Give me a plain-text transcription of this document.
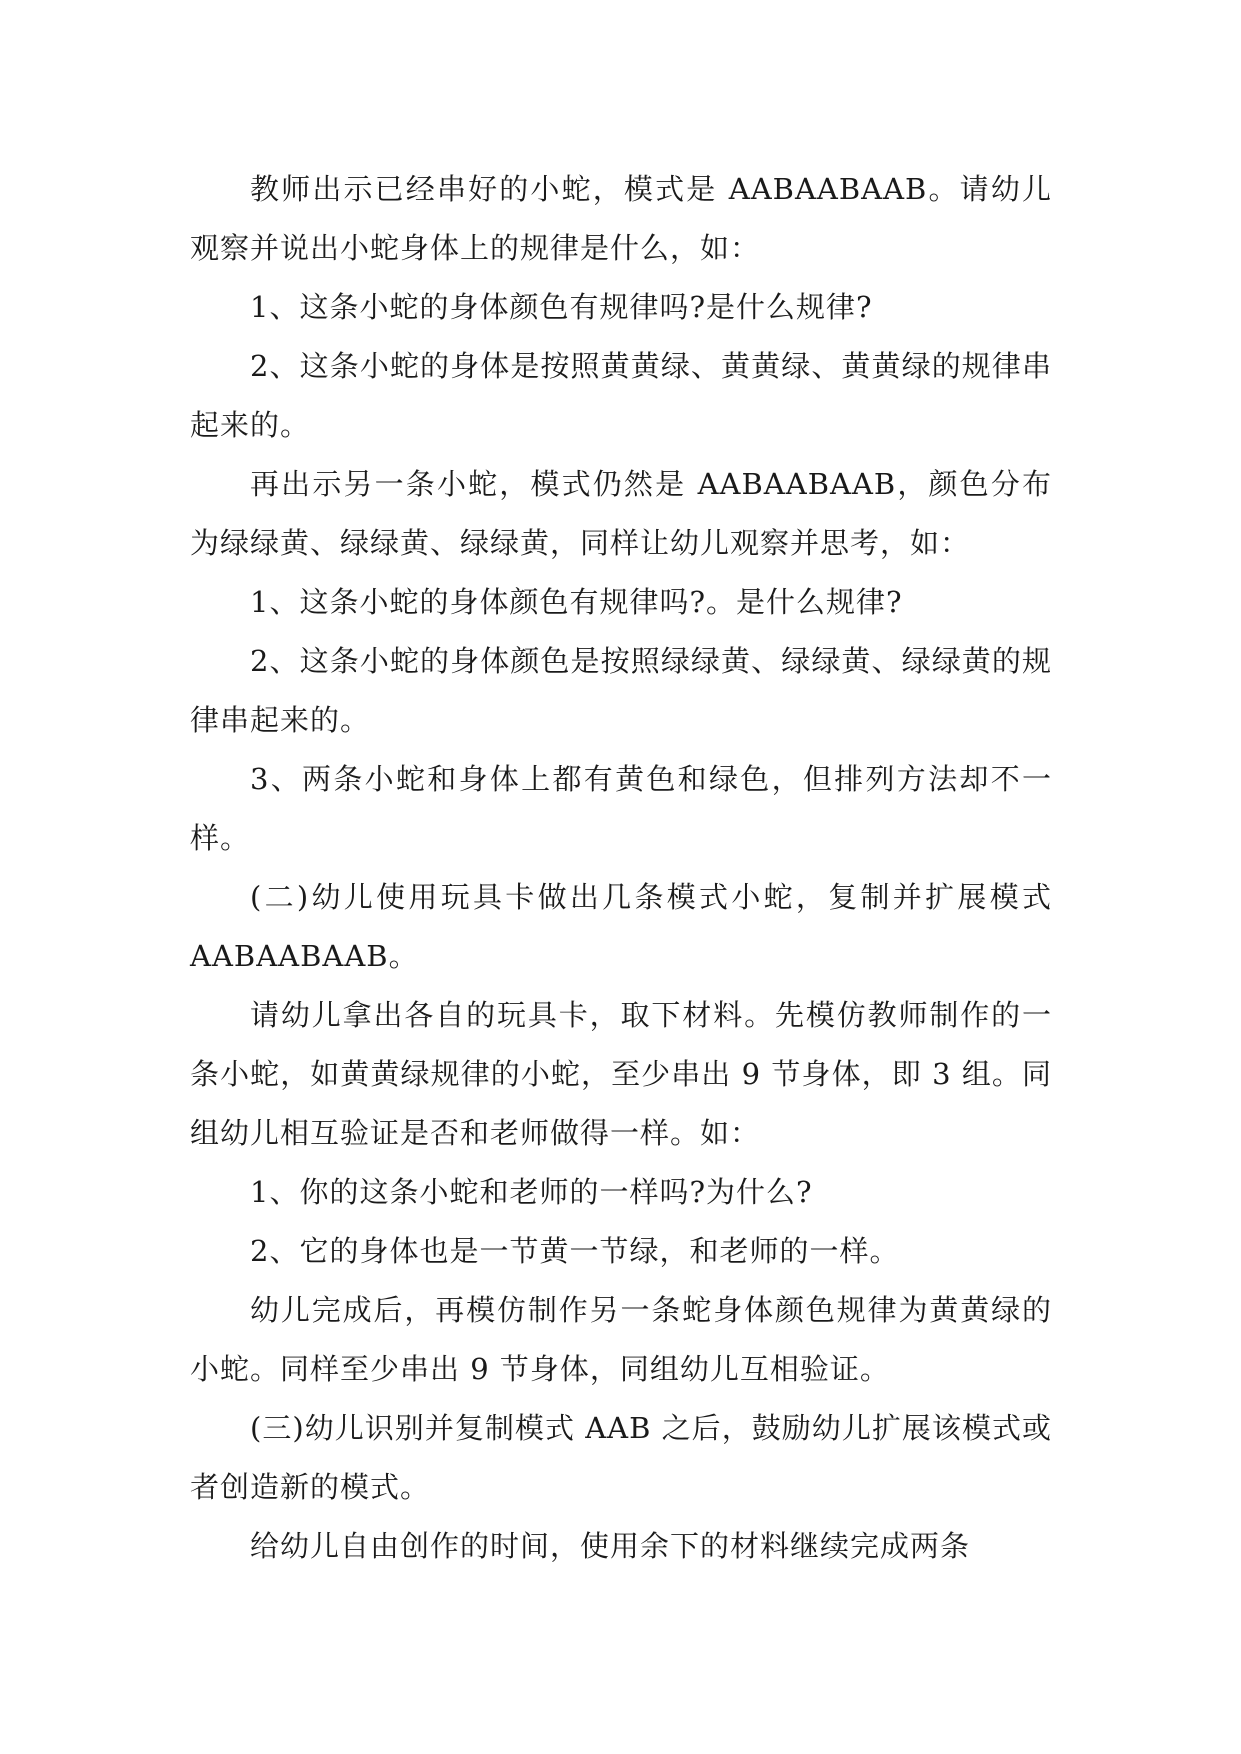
教师出示已经串好的小蛇，模式是 AABAABAAB。请幼儿观察并说出小蛇身体上的规律是什么，如：

1、这条小蛇的身体颜色有规律吗?是什么规律?

2、这条小蛇的身体是按照黄黄绿、黄黄绿、黄黄绿的规律串起来的。

再出示另一条小蛇，模式仍然是 AABAABAAB，颜色分布为绿绿黄、绿绿黄、绿绿黄，同样让幼儿观察并思考，如：

1、这条小蛇的身体颜色有规律吗?。是什么规律?

2、这条小蛇的身体颜色是按照绿绿黄、绿绿黄、绿绿黄的规律串起来的。

3、两条小蛇和身体上都有黄色和绿色，但排列方法却不一样。

(二)幼儿使用玩具卡做出几条模式小蛇，复制并扩展模式 AABAABAAB。

请幼儿拿出各自的玩具卡，取下材料。先模仿教师制作的一条小蛇，如黄黄绿规律的小蛇，至少串出 9 节身体，即 3 组。同组幼儿相互验证是否和老师做得一样。如：

1、你的这条小蛇和老师的一样吗?为什么?

2、它的身体也是一节黄一节绿，和老师的一样。

幼儿完成后，再模仿制作另一条蛇身体颜色规律为黄黄绿的小蛇。同样至少串出 9 节身体，同组幼儿互相验证。

(三)幼儿识别并复制模式 AAB 之后，鼓励幼儿扩展该模式或者创造新的模式。

给幼儿自由创作的时间，使用余下的材料继续完成两条
